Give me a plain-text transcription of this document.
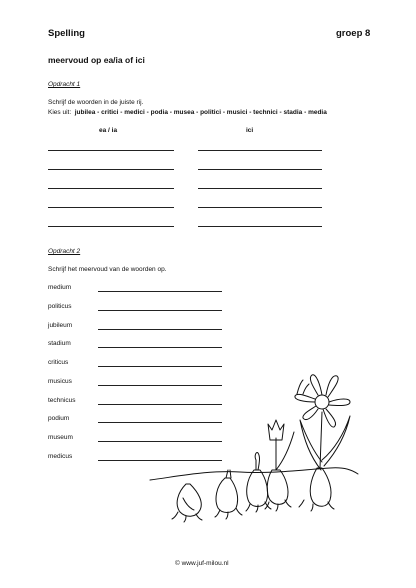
Spelling	groep 8
meervoud op ea/ia of ici
Opdracht 1
Schrijf de woorden in de juiste rij.
Kies uit: jubilea - critici - medici - podia - musea - politici - musici - technici - stadia - media
ea / ia	ici
Opdracht 2
Schrijf het meervoud van de woorden op.
medium
politicus
jubileum
stadium
criticus
musicus
technicus
podium
museum
medicus
© www.juf-milou.nl
